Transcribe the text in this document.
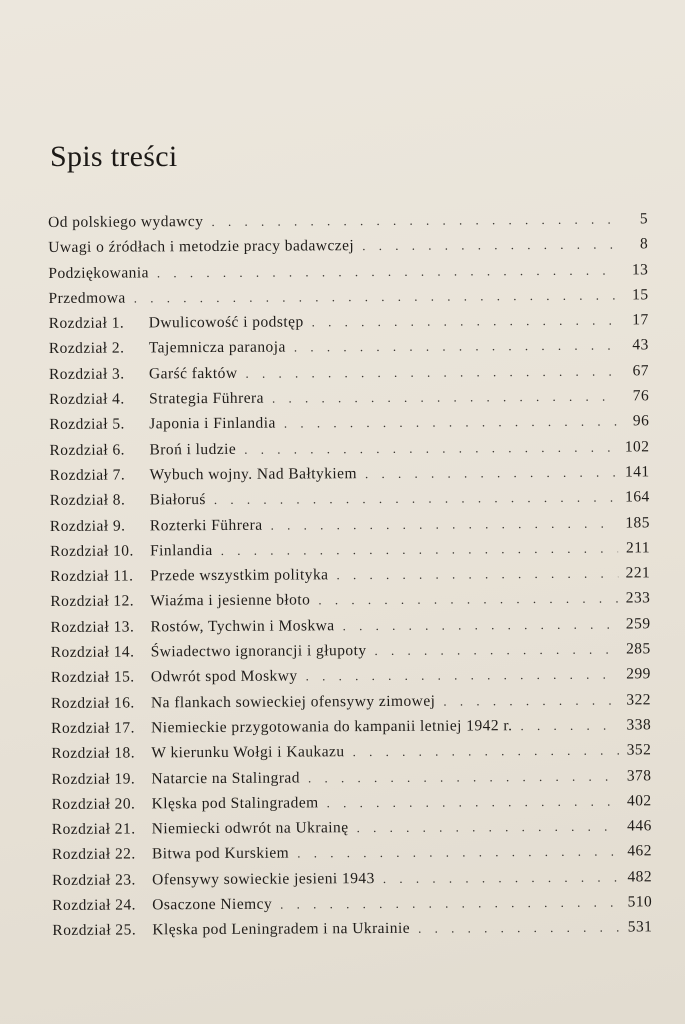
Spis treści
Od polskiego wydawcy . . .	5
Uwagi o źródłach i metodzie pracy badawczej . . .	8
Podziękowania . . .	13
Przedmowa . . .	15
Rozdział 1. Dwulicowość i podstęp . . .	17
Rozdział 2. Tajemnicza paranoja . . .	43
Rozdział 3. Garść faktów . . .	67
Rozdział 4. Strategia Führera . . .	76
Rozdział 5. Japonia i Finlandia . . .	96
Rozdział 6. Broń i ludzie . . .	102
Rozdział 7. Wybuch wojny. Nad Bałtykiem . . .	141
Rozdział 8. Białoruś . . .	164
Rozdział 9. Rozterki Führera . . .	185
Rozdział 10. Finlandia . . .	211
Rozdział 11. Przede wszystkim polityka . . .	221
Rozdział 12. Wiaźma i jesienne błoto . . .	233
Rozdział 13. Rostów, Tychwin i Moskwa . . .	259
Rozdział 14. Świadectwo ignorancji i głupoty . . .	285
Rozdział 15. Odwrót spod Moskwy . . .	299
Rozdział 16. Na flankach sowieckiej ofensywy zimowej . . .	322
Rozdział 17. Niemieckie przygotowania do kampanii letniej 1942 r. . . .	338
Rozdział 18. W kierunku Wołgi i Kaukazu . . .	352
Rozdział 19. Natarcie na Stalingrad . . .	378
Rozdział 20. Klęska pod Stalingradem . . .	402
Rozdział 21. Niemiecki odwrót na Ukrainę . . .	446
Rozdział 22. Bitwa pod Kurskiem . . .	462
Rozdział 23. Ofensywy sowieckie jesieni 1943 . . .	482
Rozdział 24. Osaczone Niemcy . . .	510
Rozdział 25. Klęska pod Leningradem i na Ukrainie . . .	531
